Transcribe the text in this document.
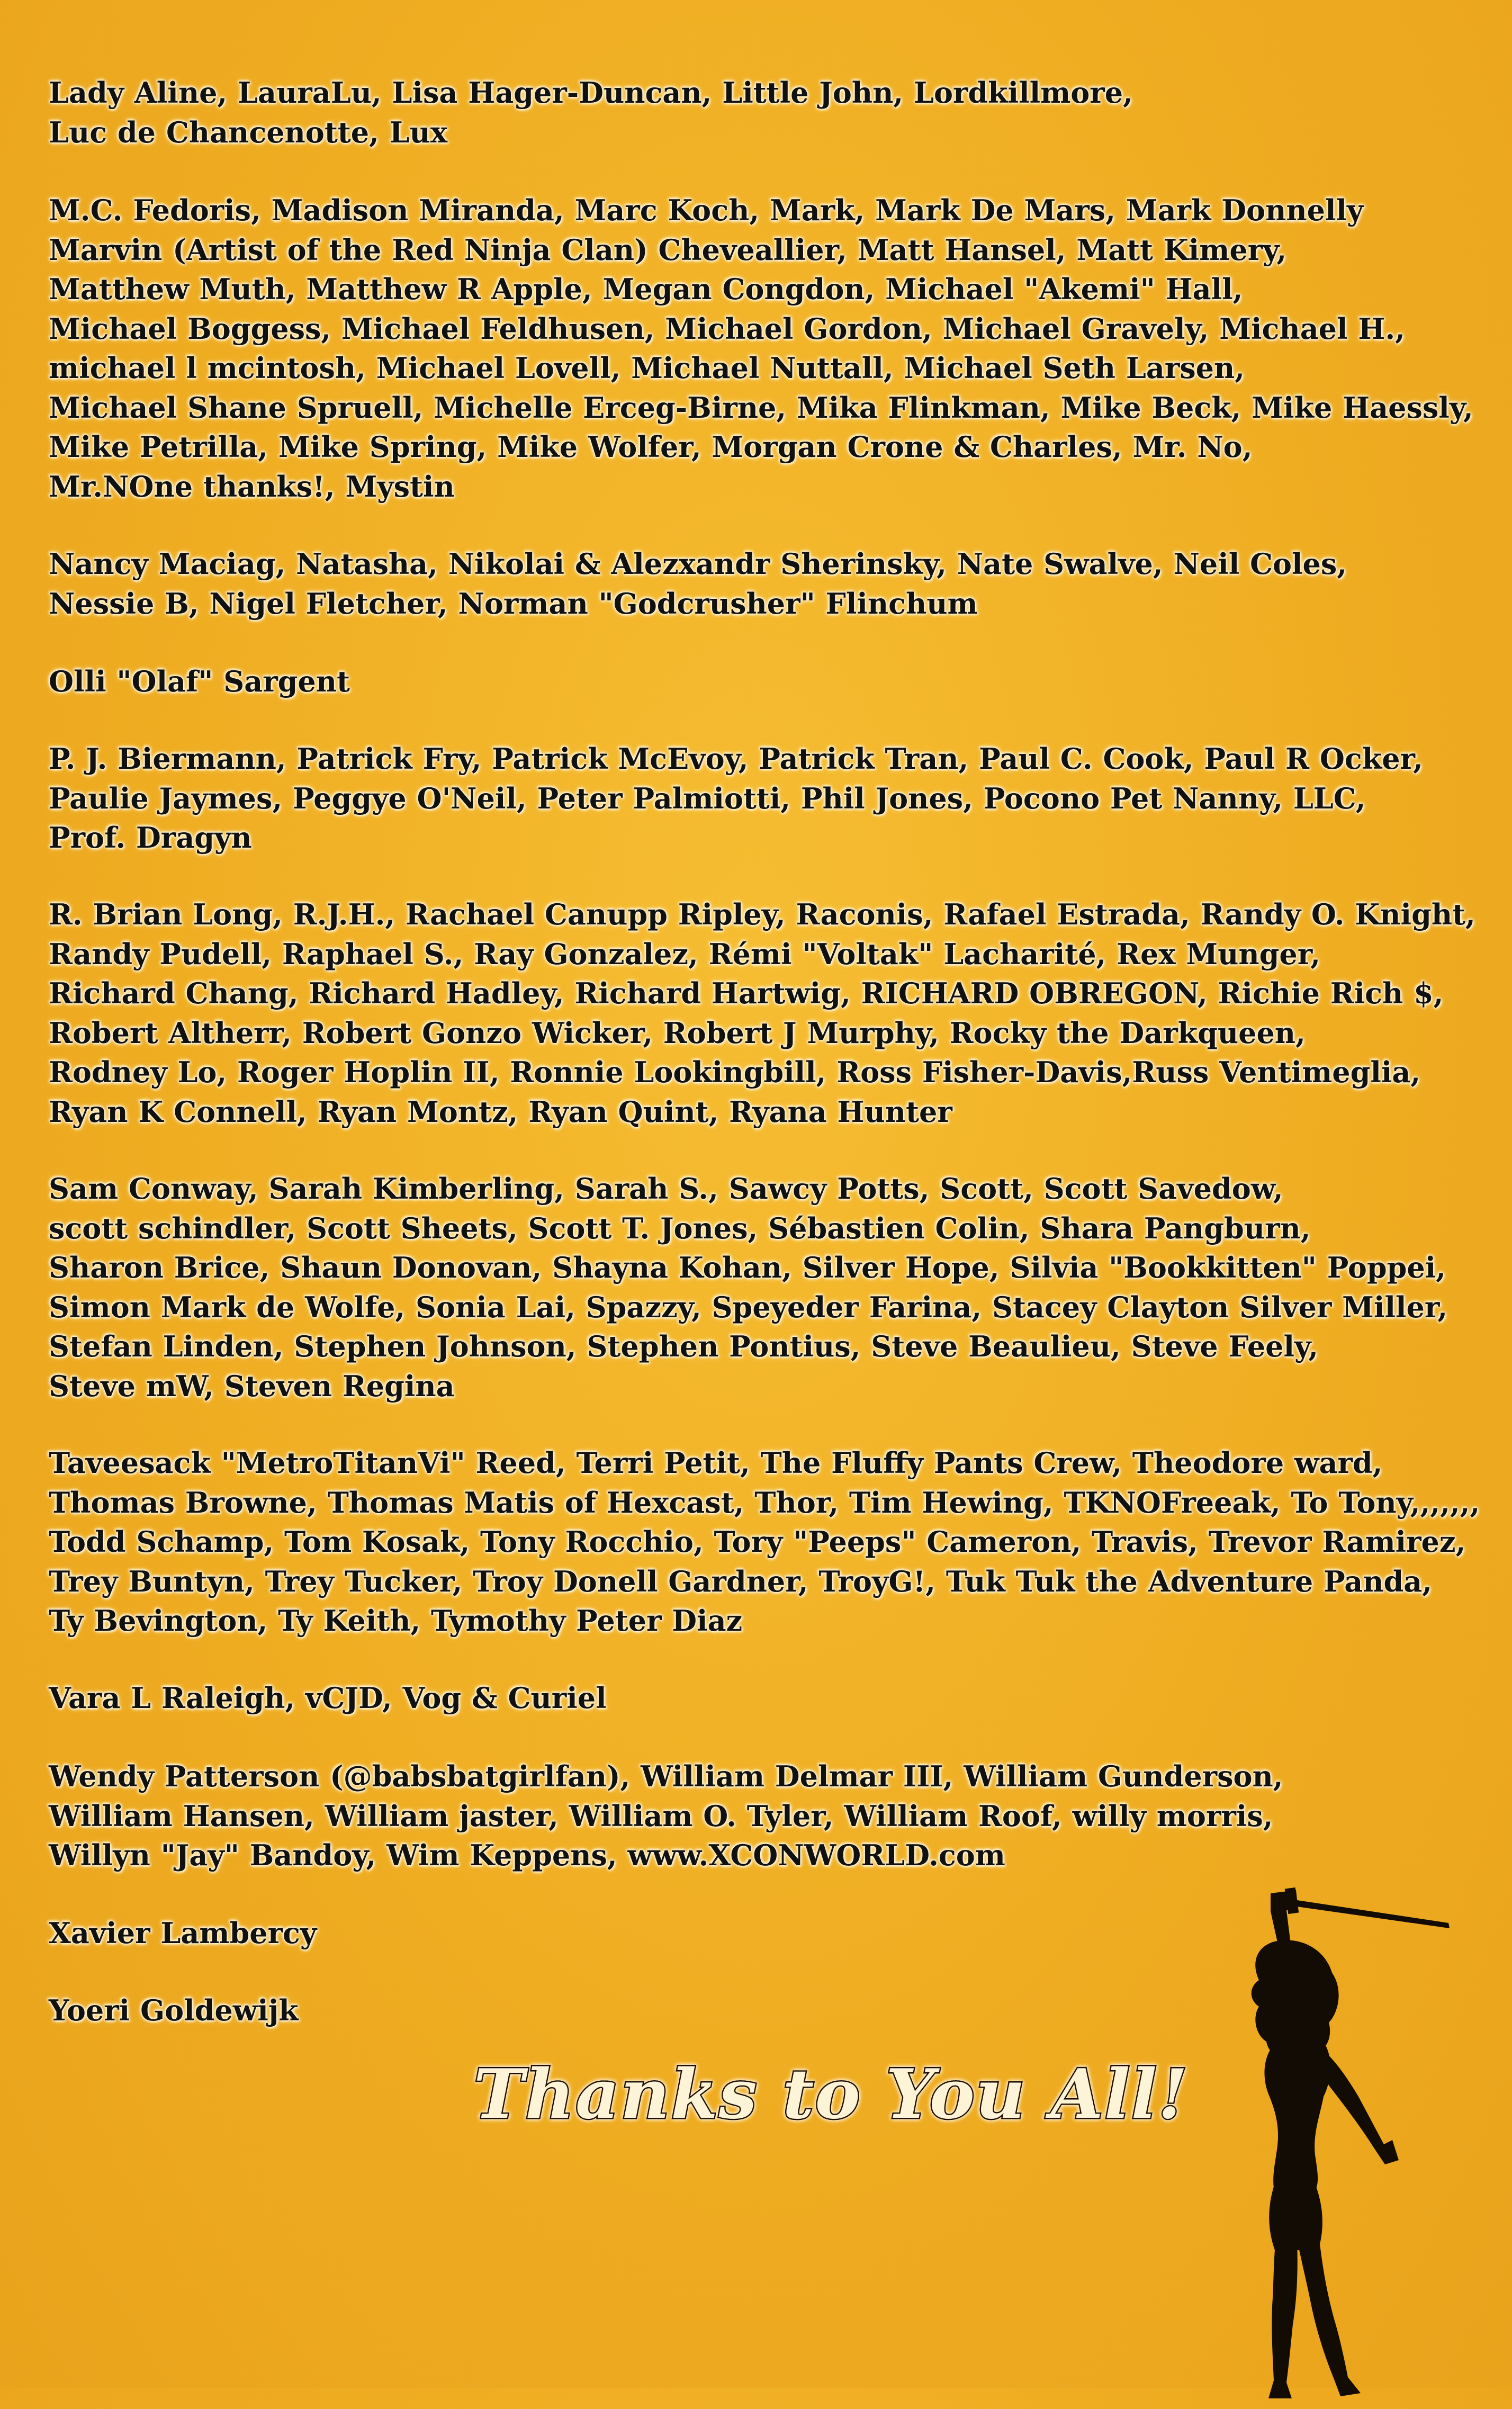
Lady Aline, LauraLu, Lisa Hager-Duncan, Little John, Lordkillmore,
Luc de Chancenotte, Lux

M.C. Fedoris, Madison Miranda, Marc Koch, Mark, Mark De Mars, Mark Donnelly
Marvin (Artist of the Red Ninja Clan) Cheveallier, Matt Hansel, Matt Kimery,
Matthew Muth, Matthew R Apple, Megan Congdon, Michael "Akemi" Hall,
Michael Boggess, Michael Feldhusen, Michael Gordon, Michael Gravely, Michael H.,
michael l mcintosh, Michael Lovell, Michael Nuttall, Michael Seth Larsen,
Michael Shane Spruell, Michelle Erceg-Birne, Mika Flinkman, Mike Beck, Mike Haessly,
Mike Petrilla, Mike Spring, Mike Wolfer, Morgan Crone & Charles, Mr. No,
Mr.NOne thanks!, Mystin

Nancy Maciag, Natasha, Nikolai & Alezxandr Sherinsky, Nate Swalve, Neil Coles,
Nessie B, Nigel Fletcher, Norman "Godcrusher" Flinchum

Olli "Olaf" Sargent

P. J. Biermann, Patrick Fry, Patrick McEvoy, Patrick Tran, Paul C. Cook, Paul R Ocker,
Paulie Jaymes, Peggye O'Neil, Peter Palmiotti, Phil Jones, Pocono Pet Nanny, LLC,
Prof. Dragyn

R. Brian Long, R.J.H., Rachael Canupp Ripley, Raconis, Rafael Estrada, Randy O. Knight,
Randy Pudell, Raphael S., Ray Gonzalez, Rémi "Voltak" Lacharité, Rex Munger,
Richard Chang, Richard Hadley, Richard Hartwig, RICHARD OBREGON, Richie Rich $,
Robert Altherr, Robert Gonzo Wicker, Robert J Murphy, Rocky the Darkqueen,
Rodney Lo, Roger Hoplin II, Ronnie Lookingbill, Ross Fisher-Davis,Russ Ventimeglia,
Ryan K Connell, Ryan Montz, Ryan Quint, Ryana Hunter

Sam Conway, Sarah Kimberling, Sarah S., Sawcy Potts, Scott, Scott Savedow,
scott schindler, Scott Sheets, Scott T. Jones, Sébastien Colin, Shara Pangburn,
Sharon Brice, Shaun Donovan, Shayna Kohan, Silver Hope, Silvia "Bookkitten" Poppei,
Simon Mark de Wolfe, Sonia Lai, Spazzy, Speyeder Farina, Stacey Clayton Silver Miller,
Stefan Linden, Stephen Johnson, Stephen Pontius, Steve Beaulieu, Steve Feely,
Steve mW, Steven Regina

Taveesack "MetroTitanVi" Reed, Terri Petit, The Fluffy Pants Crew, Theodore ward,
Thomas Browne, Thomas Matis of Hexcast, Thor, Tim Hewing, TKNOFreeak, To Tony,,,,,,,
Todd Schamp, Tom Kosak, Tony Rocchio, Tory "Peeps" Cameron, Travis, Trevor Ramirez,
Trey Buntyn, Trey Tucker, Troy Donell Gardner, TroyG!, Tuk Tuk the Adventure Panda,
Ty Bevington, Ty Keith, Tymothy Peter Diaz

Vara L Raleigh, vCJD, Vog & Curiel

Wendy Patterson (@babsbatgirlfan), William Delmar III, William Gunderson,
William Hansen, William jaster, William O. Tyler, William Roof, willy morris,
Willyn "Jay" Bandoy, Wim Keppens, www.XCONWORLD.com

Xavier Lambercy

Yoeri Goldewijk

Thanks to You All!
